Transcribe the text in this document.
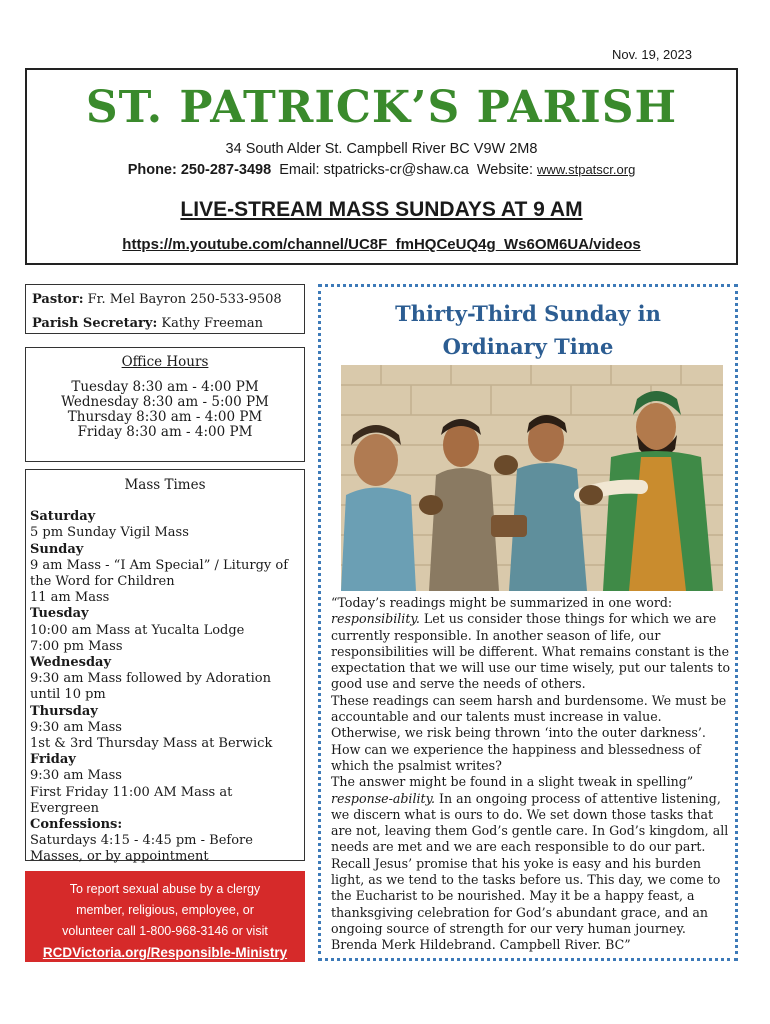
Nov. 19, 2023
ST. PATRICK’S PARISH
34 South Alder St. Campbell River BC V9W 2M8
Phone: 250-287-3498 Email: stpatricks-cr@shaw.ca Website: www.stpatscr.org
LIVE-STREAM MASS SUNDAYS AT 9 AM
https://m.youtube.com/channel/UC8F_fmHQCeUQ4g_Ws6OM6UA/videos
Pastor: Fr. Mel Bayron 250-533-9508
Parish Secretary: Kathy Freeman
Office Hours
Tuesday 8:30 am - 4:00 PM
Wednesday 8:30 am - 5:00 PM
Thursday 8:30 am - 4:00 PM
Friday 8:30 am - 4:00 PM
Mass Times
Saturday
5 pm Sunday Vigil Mass
Sunday
9 am Mass - “I Am Special” / Liturgy of the Word for Children
11 am Mass
Tuesday
10:00 am Mass at Yucalta Lodge
7:00 pm Mass
Wednesday
9:30 am Mass followed by Adoration until 10 pm
Thursday
9:30 am Mass
1st & 3rd Thursday Mass at Berwick
Friday
9:30 am Mass
First Friday 11:00 AM Mass at Evergreen
Confessions:
Saturdays 4:15 - 4:45 pm - Before Masses, or by appointment
To report sexual abuse by a clergy
member, religious, employee, or
volunteer call 1-800-968-3146 or visit
RCDVictoria.org/Responsible-Ministry
Thirty-Third Sunday in
Ordinary Time

“Today’s readings might be summarized in one word: responsibility. Let us consider those things for which we are currently responsible. In another season of life, our responsibilities will be different. What remains constant is the expectation that we will use our time wisely, put our talents to good use and serve the needs of others.

These readings can seem harsh and burdensome. We must be accountable and our talents must increase in value. Otherwise, we risk being thrown ‘into the outer darkness’. How can we experience the happiness and blessedness of which the psalmist writes?

The answer might be found in a slight tweak in spelling” response-ability. In an ongoing process of attentive listening, we discern what is ours to do. We set down those tasks that are not, leaving them God’s gentle care. In God’s kingdom, all needs are met and we are each responsible to do our part. Recall Jesus’ promise that his yoke is easy and his burden light, as we tend to the tasks before us. This day, we come to the Eucharist to be nourished. May it be a happy feast, a thanksgiving celebration for God’s abundant grace, and an ongoing source of strength for our very human journey.

Brenda Merk Hildebrand. Campbell River. BC”
